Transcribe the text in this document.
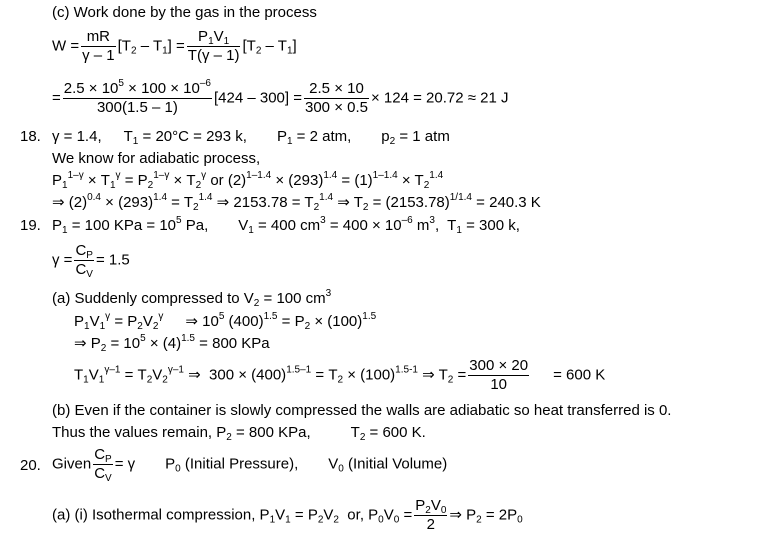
(c) Work done by the gas in the process
$W = \frac{mR}{\gamma - 1} [T_2 - T_1] = \frac{P_1V_1}{T(\gamma - 1)} [T_2 - T_1]$
= $\frac{2.5 \times 10^5 \times 100 \times 10^{-6}}{300(1.5 - 1)} [424 - 300] = \frac{2.5 \times 10}{300 \times 0.5} \times 124 = 20.72 \approx 21$ J
18. γ = 1.4, $T_1 = 20^\circ C = 293$ k, $P_1 = 2$ atm, $p_2 = 1$ atm
We know for adiabatic process,
$P_1^{1-\gamma} \times T_1^\gamma = P_2^{1-\gamma} \times T_2^\gamma$ or $(2)^{1-1.4} \times (293)^{1.4} = (1)^{1-1.4} \times T_2^{1.4}$
⇒ $(2)^{0.4} \times (293)^{1.4} = T_2^{1.4}$ ⇒ $2153.78 = T_2^{1.4}$ ⇒ $T_2 = (2153.78)^{1/1.4} = 240.3$ K
19. $P_1 = 100$ KPa = $10^5$ Pa, $V_1 = 400$ $cm^3 = 400 \times 10^{-6}$ $m^3$,  $T_1 = 300$ k,
$\gamma = \frac{C_P}{C_V} = 1.5$
(a) Suddenly compressed to $V_2 = 100$ $cm^3$
$P_1V_1^\gamma = P_2V_2^\gamma$ ⇒ $10^5$ $(400)^{1.5} = P_2 \times (100)^{1.5}$
⇒ $P_2 = 10^5 \times (4)^{1.5} = 800$ KPa
$T_1V_1^{\gamma-1} = T_2V_2^{\gamma-1}$ ⇒  $300 \times (400)^{1.5-1} = T_2 \times (100)^{1.5-1}$ ⇒ $T_2 = \frac{300 \times 20}{10} = 600$ K
(b) Even if the container is slowly compressed the walls are adiabatic so heat transferred is 0.
Thus the values remain, $P_2 = 800$ KPa,	$T_2 = 600$ K.
20. Given $\frac{C_P}{C_V} = \gamma$ $P_0$ (Initial Pressure), $V_0$ (Initial Volume)
(a) (i) Isothermal compression, $P_1V_1 = P_2V_2$  or, $P_0V_0 = \frac{P_2V_0}{2}$ ⇒ $P_2 = 2P_0$
